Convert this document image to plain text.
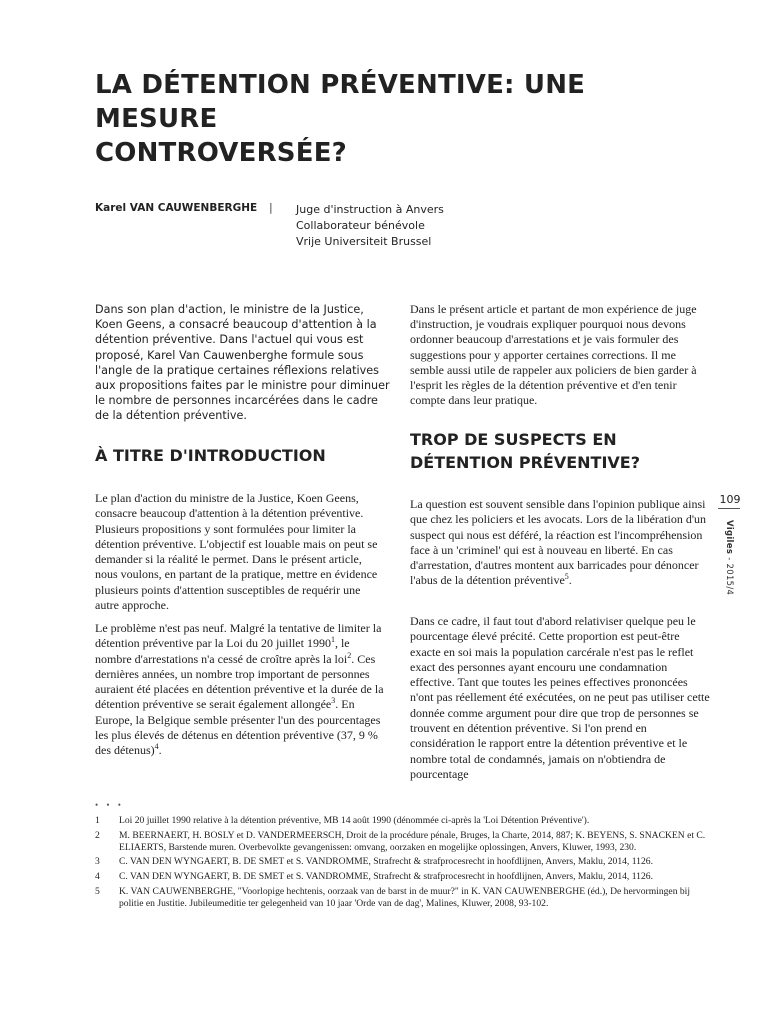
LA DÉTENTION PRÉVENTIVE: UNE MESURE
CONTROVERSÉE?
Karel VAN CAUWENBERGHE | Juge d'instruction à Anvers
Collaborateur bénévole
Vrije Universiteit Brussel
Dans son plan d'action, le ministre de la Justice, Koen Geens, a consacré beaucoup d'attention à la détention préventive. Dans l'actuel qui vous est proposé, Karel Van Cauwenberghe formule sous l'angle de la pratique certaines réflexions relatives aux propositions faites par le ministre pour diminuer le nombre de personnes incarcérées dans le cadre de la détention préventive.
Dans le présent article et partant de mon expérience de juge d'instruction, je voudrais expliquer pourquoi nous devons ordonner beaucoup d'arrestations et je vais formuler des suggestions pour y apporter certaines corrections. Il me semble aussi utile de rappeler aux policiers de bien garder à l'esprit les règles de la détention préventive et d'en tenir compte dans leur pratique.
À TITRE D'INTRODUCTION
TROP DE SUSPECTS EN
DÉTENTION PRÉVENTIVE?
Le plan d'action du ministre de la Justice, Koen Geens, consacre beaucoup d'attention à la détention préventive. Plusieurs propositions y sont formulées pour limiter la détention préventive. L'objectif est louable mais on peut se demander si la réalité le permet. Dans le présent article, nous voulons, en partant de la pratique, mettre en évidence plusieurs points d'attention susceptibles de requérir une autre approche.
Le problème n'est pas neuf. Malgré la tentative de limiter la détention préventive par la Loi du 20 juillet 1990$^1$, le nombre d'arrestations n'a cessé de croître après la loi$^2$. Ces dernières années, un nombre trop important de personnes auraient été placées en détention préventive et la durée de la détention préventive se serait également allongée$^3$. En Europe, la Belgique semble présenter l'un des pourcentages les plus élevés de détenus en détention préventive (37, 9 % des détenus)$^4$.
La question est souvent sensible dans l'opinion publique ainsi que chez les policiers et les avocats. Lors de la libération d'un suspect qui nous est déféré, la réaction est l'incompréhension face à un 'criminel' qui est à nouveau en liberté. En cas d'arrestation, d'autres montent aux barricades pour dénoncer l'abus de la détention préventive$^5$.
Dans ce cadre, il faut tout d'abord relativiser quelque peu le pourcentage élevé précité. Cette proportion est peut-être exacte en soi mais la population carcérale n'est pas le reflet exact des personnes ayant encouru une condamnation effective. Tant que toutes les peines effectives prononcées n'ont pas réellement été exécutées, on ne peut pas utiliser cette donnée comme argument pour dire que trop de personnes se trouvent en détention préventive. Si l'on prend en considération le rapport entre la détention préventive et le nombre total de condamnés, jamais on n'obtiendra de pourcentage
109
Vigiles - 2015/4
• • •
1	Loi 20 juillet 1990 relative à la détention préventive, MB 14 août 1990 (dénommée ci-après la 'Loi Détention Préventive').
2	M. BEERNAERT, H. BOSLY et D. VANDERMEERSCH, Droit de la procédure pénale, Bruges, la Charte, 2014, 887; K. BEYENS, S. SNACKEN et C. ELIAERTS, Barstende muren. Overbevolkte gevangenissen: omvang, oorzaken en mogelijke oplossingen, Anvers, Kluwer, 1993, 230.
3	C. VAN DEN WYNGAERT, B. DE SMET et S. VANDROMME, Strafrecht & strafprocesrecht in hoofdlijnen, Anvers, Maklu, 2014, 1126.
4	C. VAN DEN WYNGAERT, B. DE SMET et S. VANDROMME, Strafrecht & strafprocesrecht in hoofdlijnen, Anvers, Maklu, 2014, 1126.
5	K. VAN CAUWENBERGHE, "Voorlopige hechtenis, oorzaak van de barst in de muur?" in K. VAN CAUWENBERGHE (éd.), De hervormingen bij politie en Justitie. Jubileumeditie ter gelegenheid van 10 jaar 'Orde van de dag', Malines, Kluwer, 2008, 93-102.
